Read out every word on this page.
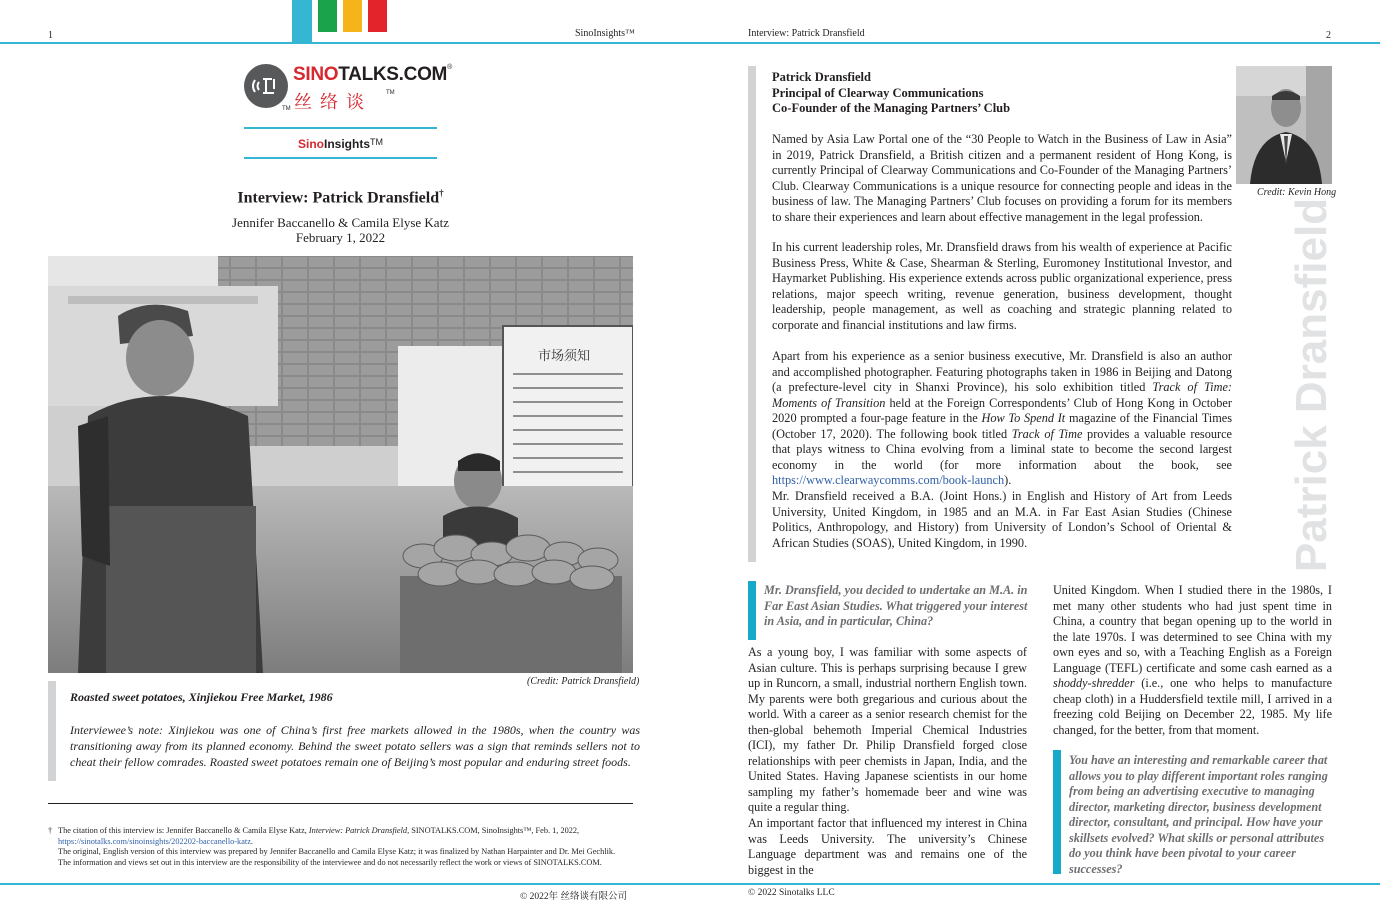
1	SinoInsights™	Interview: Patrick Dransfield	2
SINOTALKS.COM®
丝络谈
TM
TM
SinoInsights™
Interview: Patrick Dransfield†
Jennifer Baccanello & Camila Elyse Katz
February 1, 2022
市场须知
(Credit: Patrick Dransfield)
Roasted sweet potatoes, Xinjiekou Free Market, 1986
Interviewee’s note: Xinjiekou was one of China’s first free markets allowed in the 1980s, when the country was transitioning away from its planned economy. Behind the sweet potato sellers was a sign that reminds sellers not to cheat their fellow comrades. Roasted sweet potatoes remain one of Beijing’s most popular and enduring street foods.
† The citation of this interview is: Jennifer Baccanello & Camila Elyse Katz, Interview: Patrick Dransfield, SINOTALKS.COM, SinoInsights™, Feb. 1, 2022,
https://sinotalks.com/sinoinsights/202202-baccanello-katz.
The original, English version of this interview was prepared by Jennifer Baccanello and Camila Elyse Katz; it was finalized by Nathan Harpainter and Dr. Mei Gechlik.
The information and views set out in this interview are the responsibility of the interviewee and do not necessarily reflect the work or views of SINOTALKS.COM.
© 2022年 丝络谈有限公司	© 2022 Sinotalks LLC
Patrick Dransfield
Principal of Clearway Communications
Co-Founder of the Managing Partners’ Club
Named by Asia Law Portal one of the “30 People to Watch in the Business of Law in Asia” in 2019, Patrick Dransfield, a British citizen and a permanent resident of Hong Kong, is currently Principal of Clearway Communications and Co-Founder of the Managing Partners’ Club. Clearway Communications is a unique resource for connecting people and ideas in the business of law. The Managing Partners’ Club focuses on providing a forum for its members to share their experiences and learn about effective management in the legal profession.
In his current leadership roles, Mr. Dransfield draws from his wealth of experience at Pacific Business Press, White & Case, Shearman & Sterling, Euromoney Institutional Investor, and Haymarket Publishing. His experience extends across public organizational experience, press relations, major speech writing, revenue generation, business development, thought leadership, people management, as well as coaching and strategic planning related to corporate and financial institutions and law firms.
Apart from his experience as a senior business executive, Mr. Dransfield is also an author and accomplished photographer. Featuring photographs taken in 1986 in Beijing and Datong (a prefecture-level city in Shanxi Province), his solo exhibition titled Track of Time: Moments of Transition held at the Foreign Correspondents’ Club of Hong Kong in October 2020 prompted a four-page feature in the How To Spend It magazine of the Financial Times (October 17, 2020). The following book titled Track of Time provides a valuable resource that plays witness to China evolving from a liminal state to become the second largest economy in the world (for more information about the book, see https://www.clearwaycomms.com/book-launch).
Mr. Dransfield received a B.A. (Joint Hons.) in English and History of Art from Leeds University, United Kingdom, in 1985 and an M.A. in Far East Asian Studies (Chinese Politics, Anthropology, and History) from University of London’s School of Oriental & African Studies (SOAS), United Kingdom, in 1990.
Credit: Kevin Hong
Patrick Dransfield
Mr. Dransfield, you decided to undertake an M.A. in Far East Asian Studies. What triggered your interest in Asia, and in particular, China?
As a young boy, I was familiar with some aspects of Asian culture. This is perhaps surprising because I grew up in Runcorn, a small, industrial northern English town. My parents were both gregarious and curious about the world. With a career as a senior research chemist for the then-global behemoth Imperial Chemical Industries (ICI), my father Dr. Philip Dransfield forged close relationships with peer chemists in Japan, India, and the United States. Having Japanese scientists in our home sampling my father’s homemade beer and wine was quite a regular thing.
An important factor that influenced my interest in China was Leeds University. The university’s Chinese Language department was and remains one of the biggest in the
United Kingdom. When I studied there in the 1980s, I met many other students who had just spent time in China, a country that began opening up to the world in the late 1970s. I was determined to see China with my own eyes and so, with a Teaching English as a Foreign Language (TEFL) certificate and some cash earned as a shoddy-shredder (i.e., one who helps to manufacture cheap cloth) in a Huddersfield textile mill, I arrived in a freezing cold Beijing on December 22, 1985. My life changed, for the better, from that moment.
You have an interesting and remarkable career that allows you to play different important roles ranging from being an advertising executive to managing director, marketing director, business development director, consultant, and principal. How have your skillsets evolved? What skills or personal attributes do you think have been pivotal to your career successes?
